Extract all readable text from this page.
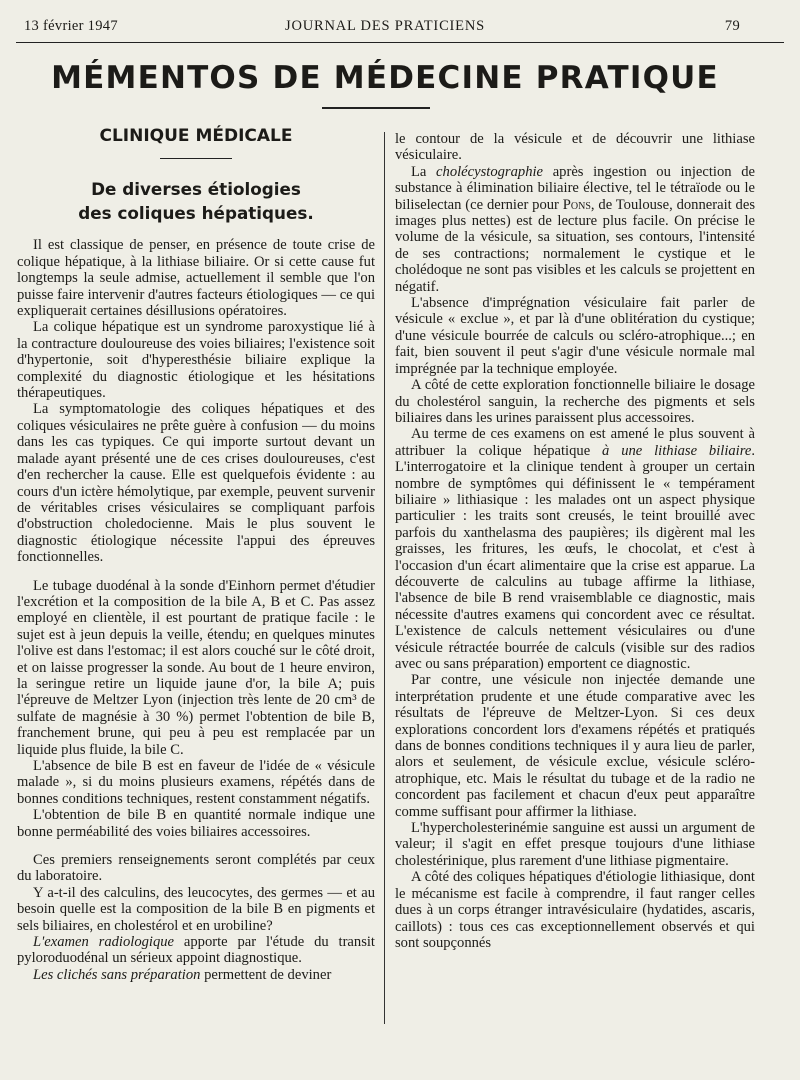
13 février 1947	JOURNAL DES PRATICIENS	79
MÉMENTOS DE MÉDECINE PRATIQUE
CLINIQUE MÉDICALE
De diverses étiologies
des coliques hépatiques.

Il est classique de penser, en présence de toute crise de colique hépatique, à la lithiase biliaire. Or si cette cause fut longtemps la seule admise, actuellement il semble que l'on puisse faire intervenir d'autres facteurs étiologiques — ce qui expliquerait certaines désillusions opératoires.

La colique hépatique est un syndrome paroxystique lié à la contracture douloureuse des voies biliaires; l'existence soit d'hypertonie, soit d'hyperesthésie biliaire explique la complexité du diagnostic étiologique et les hésitations thérapeutiques.

La symptomatologie des coliques hépatiques et des coliques vésiculaires ne prête guère à confusion — du moins dans les cas typiques. Ce qui importe surtout devant un malade ayant présenté une de ces crises douloureuses, c'est d'en rechercher la cause. Elle est quelquefois évidente : au cours d'un ictère hémolytique, par exemple, peuvent survenir de véritables crises vésiculaires se compliquant parfois d'obstruction choledocienne. Mais le plus souvent le diagnostic étiologique nécessite l'appui des épreuves fonctionnelles.

Le tubage duodénal à la sonde d'Einhorn permet d'étudier l'excrétion et la composition de la bile A, B et C. Pas assez employé en clientèle, il est pourtant de pratique facile : le sujet est à jeun depuis la veille, étendu; en quelques minutes l'olive est dans l'estomac; il est alors couché sur le côté droit, et on laisse progresser la sonde. Au bout de 1 heure environ, la seringue retire un liquide jaune d'or, la bile A; puis l'épreuve de Meltzer Lyon (injection très lente de 20 cm³ de sulfate de magnésie à 30 %) permet l'obtention de bile B, franchement brune, qui peu à peu est remplacée par un liquide plus fluide, la bile C.

L'absence de bile B est en faveur de l'idée de « vésicule malade », si du moins plusieurs examens, répétés dans de bonnes conditions techniques, restent constamment négatifs.

L'obtention de bile B en quantité normale indique une bonne perméabilité des voies biliaires accessoires.

Ces premiers renseignements seront complétés par ceux du laboratoire.

Y a-t-il des calculins, des leucocytes, des germes — et au besoin quelle est la composition de la bile B en pigments et sels biliaires, en cholestérol et en urobiline?

L'examen radiologique apporte par l'étude du transit pyloroduodénal un sérieux appoint diagnostique.

Les clichés sans préparation permettent de deviner

le contour de la vésicule et de découvrir une lithiase vésiculaire.

La cholécystographie après ingestion ou injection de substance à élimination biliaire élective, tel le tétraïode ou le biliselectan (ce dernier pour Pons, de Toulouse, donnerait des images plus nettes) est de lecture plus facile. On précise le volume de la vésicule, sa situation, ses contours, l'intensité de ses contractions; normalement le cystique et le cholédoque ne sont pas visibles et les calculs se projettent en négatif.

L'absence d'imprégnation vésiculaire fait parler de vésicule « exclue », et par là d'une oblitération du cystique; d'une vésicule bourrée de calculs ou scléro-atrophique...; en fait, bien souvent il peut s'agir d'une vésicule normale mal imprégnée par la technique employée.

A côté de cette exploration fonctionnelle biliaire le dosage du cholestérol sanguin, la recherche des pigments et sels biliaires dans les urines paraissent plus accessoires.

Au terme de ces examens on est amené le plus souvent à attribuer la colique hépatique à une lithiase biliaire. L'interrogatoire et la clinique tendent à grouper un certain nombre de symptômes qui définissent le « tempérament biliaire » lithiasique : les malades ont un aspect physique particulier : les traits sont creusés, le teint brouillé avec parfois du xanthelasma des paupières; ils digèrent mal les graisses, les fritures, les œufs, le chocolat, et c'est à l'occasion d'un écart alimentaire que la crise est apparue. La découverte de calculins au tubage affirme la lithiase, l'absence de bile B rend vraisemblable ce diagnostic, mais nécessite d'autres examens qui concordent avec ce résultat. L'existence de calculs nettement vésiculaires ou d'une vésicule rétractée bourrée de calculs (visible sur des radios avec ou sans préparation) emportent ce diagnostic.

Par contre, une vésicule non injectée demande une interprétation prudente et une étude comparative avec les résultats de l'épreuve de Meltzer-Lyon. Si ces deux explorations concordent lors d'examens répétés et pratiqués dans de bonnes conditions techniques il y aura lieu de parler, alors et seulement, de vésicule exclue, vésicule scléro-atrophique, etc. Mais le résultat du tubage et de la radio ne concordent pas facilement et chacun d'eux peut apparaître comme suffisant pour affirmer la lithiase.

L'hypercholesterinémie sanguine est aussi un argument de valeur; il s'agit en effet presque toujours d'une lithiase cholestérinique, plus rarement d'une lithiase pigmentaire.

A côté des coliques hépatiques d'étiologie lithiasique, dont le mécanisme est facile à comprendre, il faut ranger celles dues à un corps étranger intravésiculaire (hydatides, ascaris, caillots) : tous ces cas exceptionnellement observés et qui sont soupçonnés
